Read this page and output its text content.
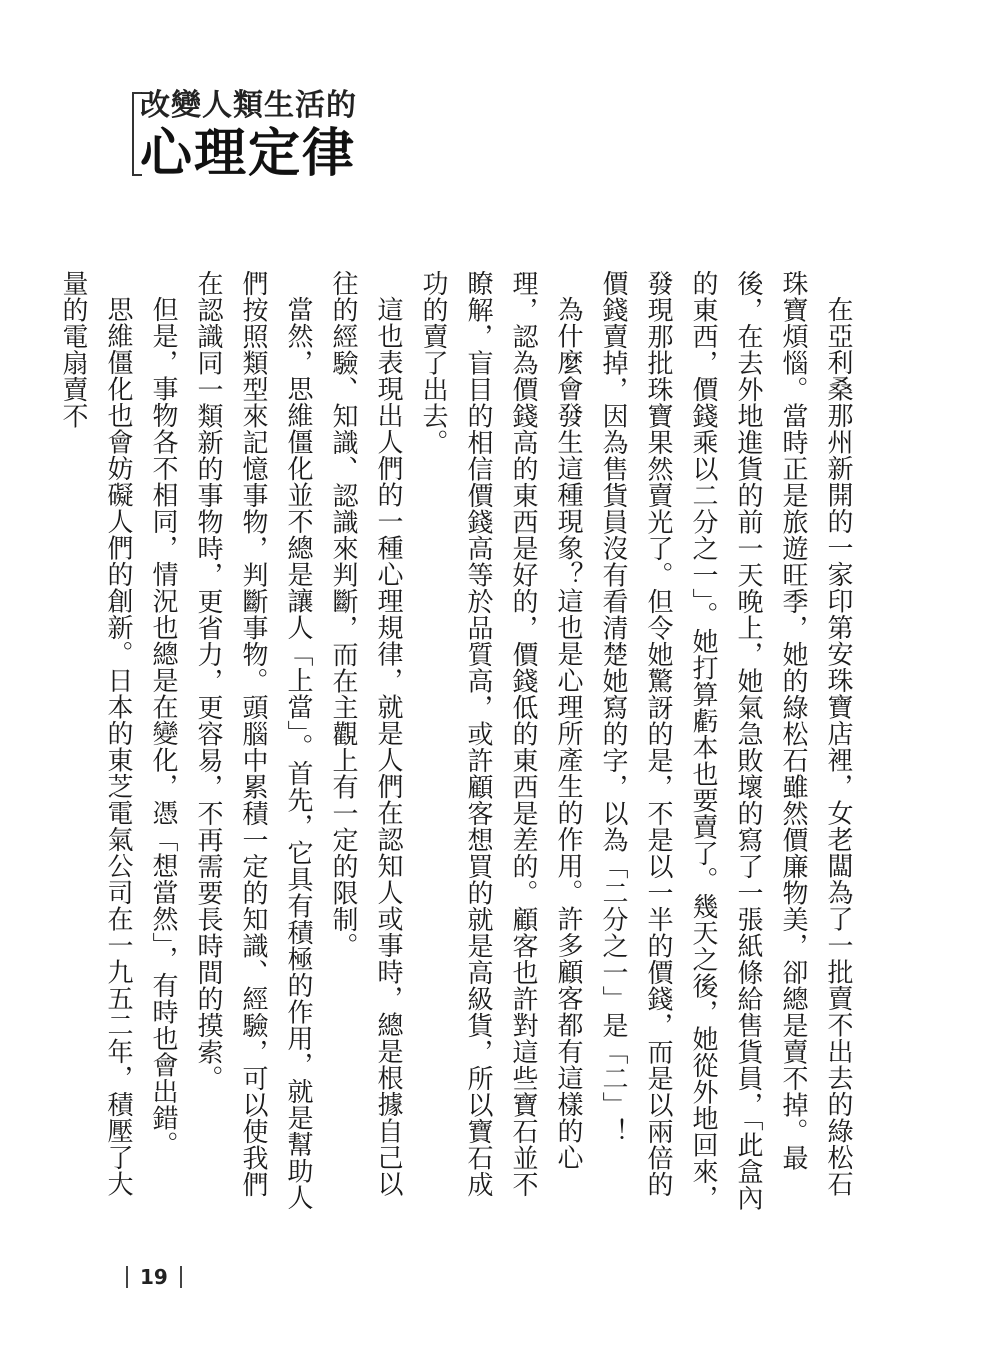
改變人類生活的
心理定律

在亞利桑那州新開的一家印第安珠寶店裡，女老闆為了一批賣不出去的綠松石珠寶煩惱。當時正是旅遊旺季，她的綠松石雖然價廉物美，卻總是賣不掉。最後，在去外地進貨的前一天晚上，她氣急敗壞的寫了一張紙條給售貨員，「此盒內的東西，價錢乘以二分之一」。她打算虧本也要賣了。幾天之後，她從外地回來，發現那批珠寶果然賣光了。但令她驚訝的是，不是以一半的價錢，而是以兩倍的價錢賣掉，因為售貨員沒有看清楚她寫的字，以為「二分之一」是「二」！

為什麼會發生這種現象？這也是心理所產生的作用。許多顧客都有這樣的心理，認為價錢高的東西是好的，價錢低的東西是差的。顧客也許對這些寶石並不瞭解，盲目的相信價錢高等於品質高，或許顧客想買的就是高級貨，所以寶石成功的賣了出去。

這也表現出人們的一種心理規律，就是人們在認知人或事時，總是根據自己以往的經驗、知識、認識來判斷，而在主觀上有一定的限制。

當然，思維僵化並不總是讓人「上當」。首先，它具有積極的作用，就是幫助人們按照類型來記憶事物，判斷事物。頭腦中累積一定的知識、經驗，可以使我們在認識同一類新的事物時，更省力，更容易，不再需要長時間的摸索。

但是，事物各不相同，情況也總是在變化，憑「想當然」，有時也會出錯。

思維僵化也會妨礙人們的創新。日本的東芝電氣公司在一九五二年，積壓了大量的電扇賣不

19
